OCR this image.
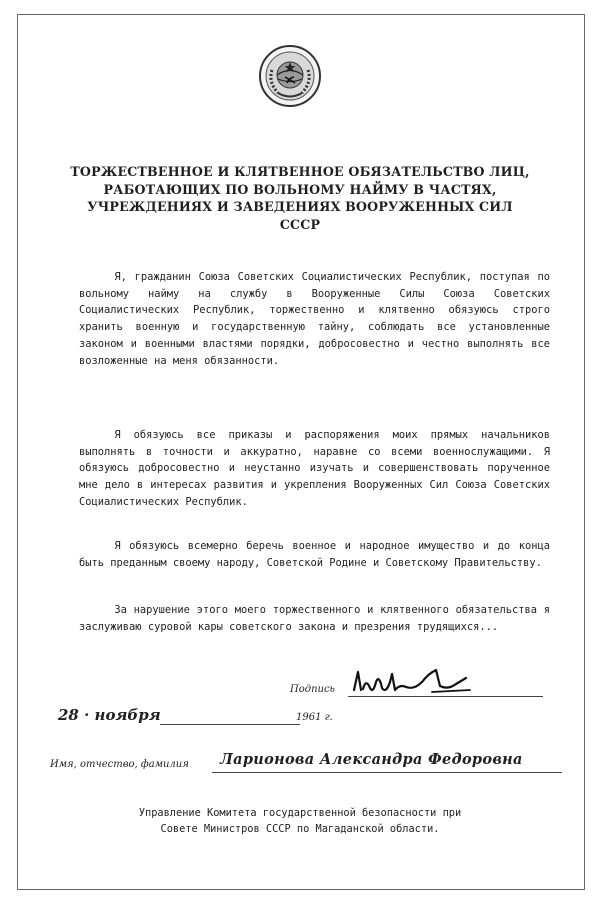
ТОРЖЕСТВЕННОЕ И КЛЯТВЕННОЕ ОБЯЗАТЕЛЬСТВО ЛИЦ,
РАБОТАЮЩИХ ПО ВОЛЬНОМУ НАЙМУ В ЧАСТЯХ,
УЧРЕЖДЕНИЯХ И ЗАВЕДЕНИЯХ ВООРУЖЕННЫХ СИЛ
СССР
Я, гражданин Союза Советских Социалистических Республик, поступая по вольному найму на службу в Вооруженные Силы Союза Советских Социалистических Республик, торжественно и клятвенно обязуюсь строго хранить военную и государственную тайну, соблюдать все установленные законом и военными властями порядки, добросовестно и честно выполнять все возложенные на меня обязанности.
Я обязуюсь все приказы и распоряжения моих прямых начальников выполнять в точности и аккуратно, наравне со всеми военнослужащими. Я обязуюсь добросовестно и неустанно изучать и совершенствовать порученное мне дело в интересах развития и укрепления Вооруженных Сил Союза Советских Социалистических Республик.
Я обязуюсь всемерно беречь военное и народное имущество и до конца быть преданным своему народу, Советской Родине и Советскому Правительству.
За нарушение этого моего торжественного и клятвенного обязательства я заслуживаю суровой кары советского закона и презрения трудящихся...
Подпись
28 · ноября	1961 г.
Имя, отчество, фамилия Ларионова Александра Федоровна
Управление Комитета государственной безопасности при
Совете Министров СССР по Магаданской области.
